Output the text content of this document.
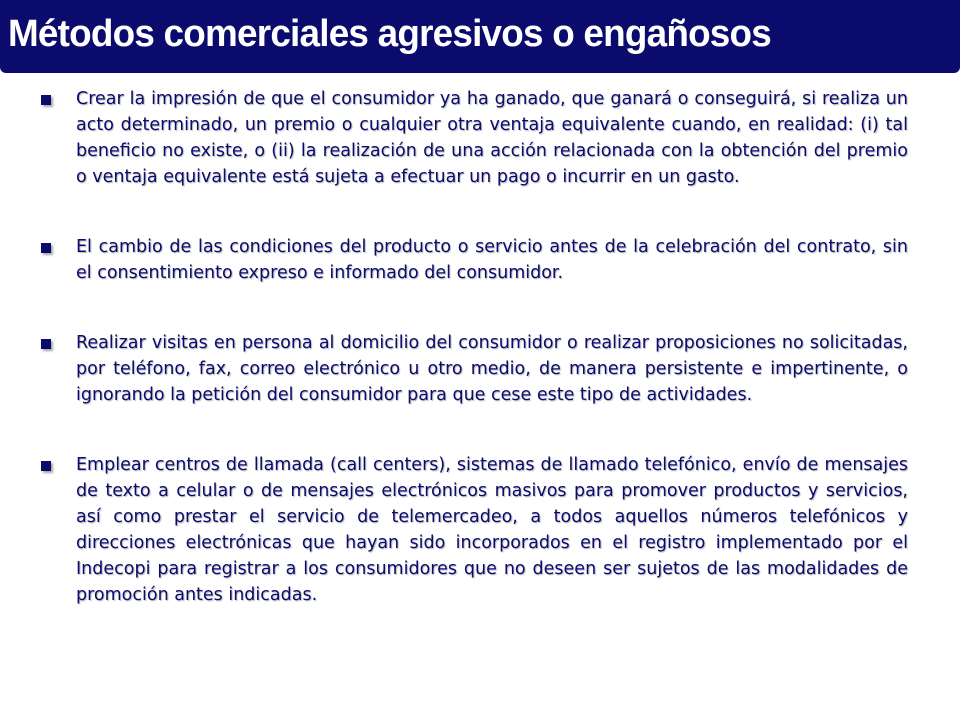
Métodos comerciales agresivos o engañosos

Crear la impresión de que el consumidor ya ha ganado, que ganará o conseguirá, si realiza un acto determinado, un premio o cualquier otra ventaja equivalente cuando, en realidad: (i) tal beneficio no existe, o (ii) la realización de una acción relacionada con la obtención del premio o ventaja equivalente está sujeta a efectuar un pago o incurrir en un gasto.

El cambio de las condiciones del producto o servicio antes de la celebración del contrato, sin el consentimiento expreso e informado del consumidor.

Realizar visitas en persona al domicilio del consumidor o realizar proposiciones no solicitadas, por teléfono, fax, correo electrónico u otro medio, de manera persistente e impertinente, o ignorando la petición del consumidor para que cese este tipo de actividades.

Emplear centros de llamada (call centers), sistemas de llamado telefónico, envío de mensajes de texto a celular o de mensajes electrónicos masivos para promover productos y servicios, así como prestar el servicio de telemercadeo, a todos aquellos números telefónicos y direcciones electrónicas que hayan sido incorporados en el registro implementado por el Indecopi para registrar a los consumidores que no deseen ser sujetos de las modalidades de promoción antes indicadas.
